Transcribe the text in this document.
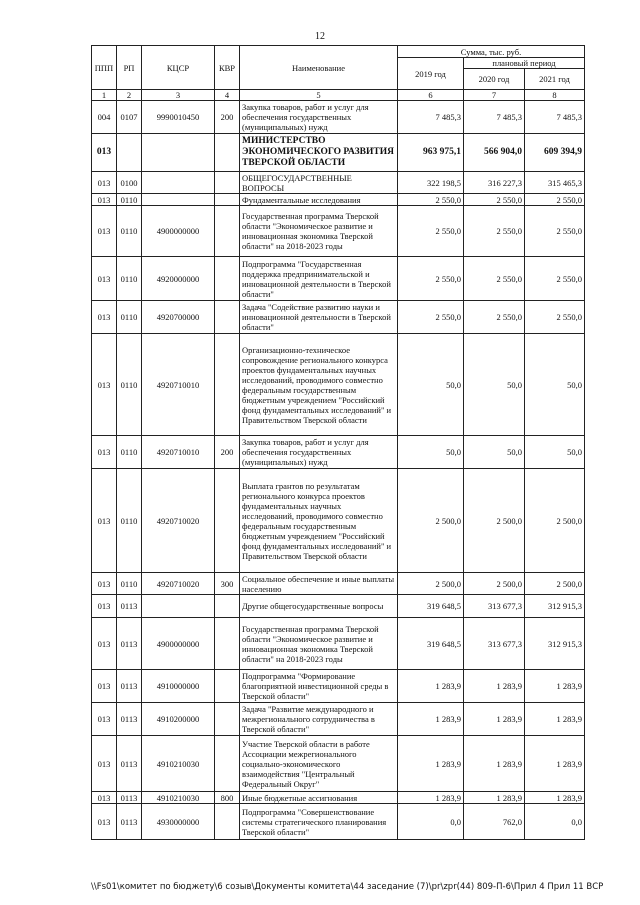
12
ППП	РП	КЦСР	КВР	Наименование	Сумма, тыс. руб.		
					2019 год	плановый период	
						2020 год	2021 год
1	2	3	4	5	6	7	8
004	0107	9990010450	200	Закупка товаров, работ и услуг для обеспечения государственных (муниципальных) нужд	7 485,3	7 485,3	7 485,3
013				МИНИСТЕРСТВО ЭКОНОМИЧЕСКОГО РАЗВИТИЯ ТВЕРСКОЙ ОБЛАСТИ	963 975,1	566 904,0	609 394,9
013	0100			ОБЩЕГОСУДАРСТВЕННЫЕ ВОПРОСЫ	322 198,5	316 227,3	315 465,3
013	0110			Фундаментальные исследования	2 550,0	2 550,0	2 550,0
013	0110	4900000000		Государственная программа Тверской области "Экономическое развитие и инновационная экономика Тверской области" на 2018-2023 годы	2 550,0	2 550,0	2 550,0
013	0110	4920000000		Подпрограмма "Государственная поддержка предпринимательской и инновационной деятельности в Тверской области"	2 550,0	2 550,0	2 550,0
013	0110	4920700000		Задача "Содействие развитию науки и инновационной деятельности в Тверской области"	2 550,0	2 550,0	2 550,0
013	0110	4920710010		Организационно-техническое сопровождение регионального конкурса проектов фундаментальных научных исследований, проводимого совместно федеральным государственным бюджетным учреждением "Российский фонд фундаментальных исследований" и Правительством Тверской области	50,0	50,0	50,0
013	0110	4920710010	200	Закупка товаров, работ и услуг для обеспечения государственных (муниципальных) нужд	50,0	50,0	50,0
013	0110	4920710020		Выплата грантов по результатам регионального конкурса проектов фундаментальных научных исследований, проводимого совместно федеральным государственным бюджетным учреждением "Российский фонд фундаментальных исследований" и Правительством Тверской области	2 500,0	2 500,0	2 500,0
013	0110	4920710020	300	Социальное обеспечение и иные выплаты населению	2 500,0	2 500,0	2 500,0
013	0113			Другие общегосударственные вопросы	319 648,5	313 677,3	312 915,3
013	0113	4900000000		Государственная программа Тверской области "Экономическое развитие и инновационная экономика Тверской области" на 2018-2023 годы	319 648,5	313 677,3	312 915,3
013	0113	4910000000		Подпрограмма "Формирование благоприятной инвестиционной среды в Тверской области"	1 283,9	1 283,9	1 283,9
013	0113	4910200000		Задача "Развитие международного и межрегионального сотрудничества в Тверской области"	1 283,9	1 283,9	1 283,9
013	0113	4910210030		Участие Тверской области в работе Ассоциации межрегионального социально-экономического взаимодействия "Центральный Федеральный Округ"	1 283,9	1 283,9	1 283,9
013	0113	4910210030	800	Иные бюджетные ассигнования	1 283,9	1 283,9	1 283,9
013	0113	4930000000		Подпрограмма "Совершенствование системы стратегического планирования Тверской области"	0,0	762,0	0,0
\\Fs01\комитет по бюджету\6 созыв\Документы комитета\44 заседание (7)\pr\zpr(44) 809-П-6\Прил 4 Прил 11 ВСР
